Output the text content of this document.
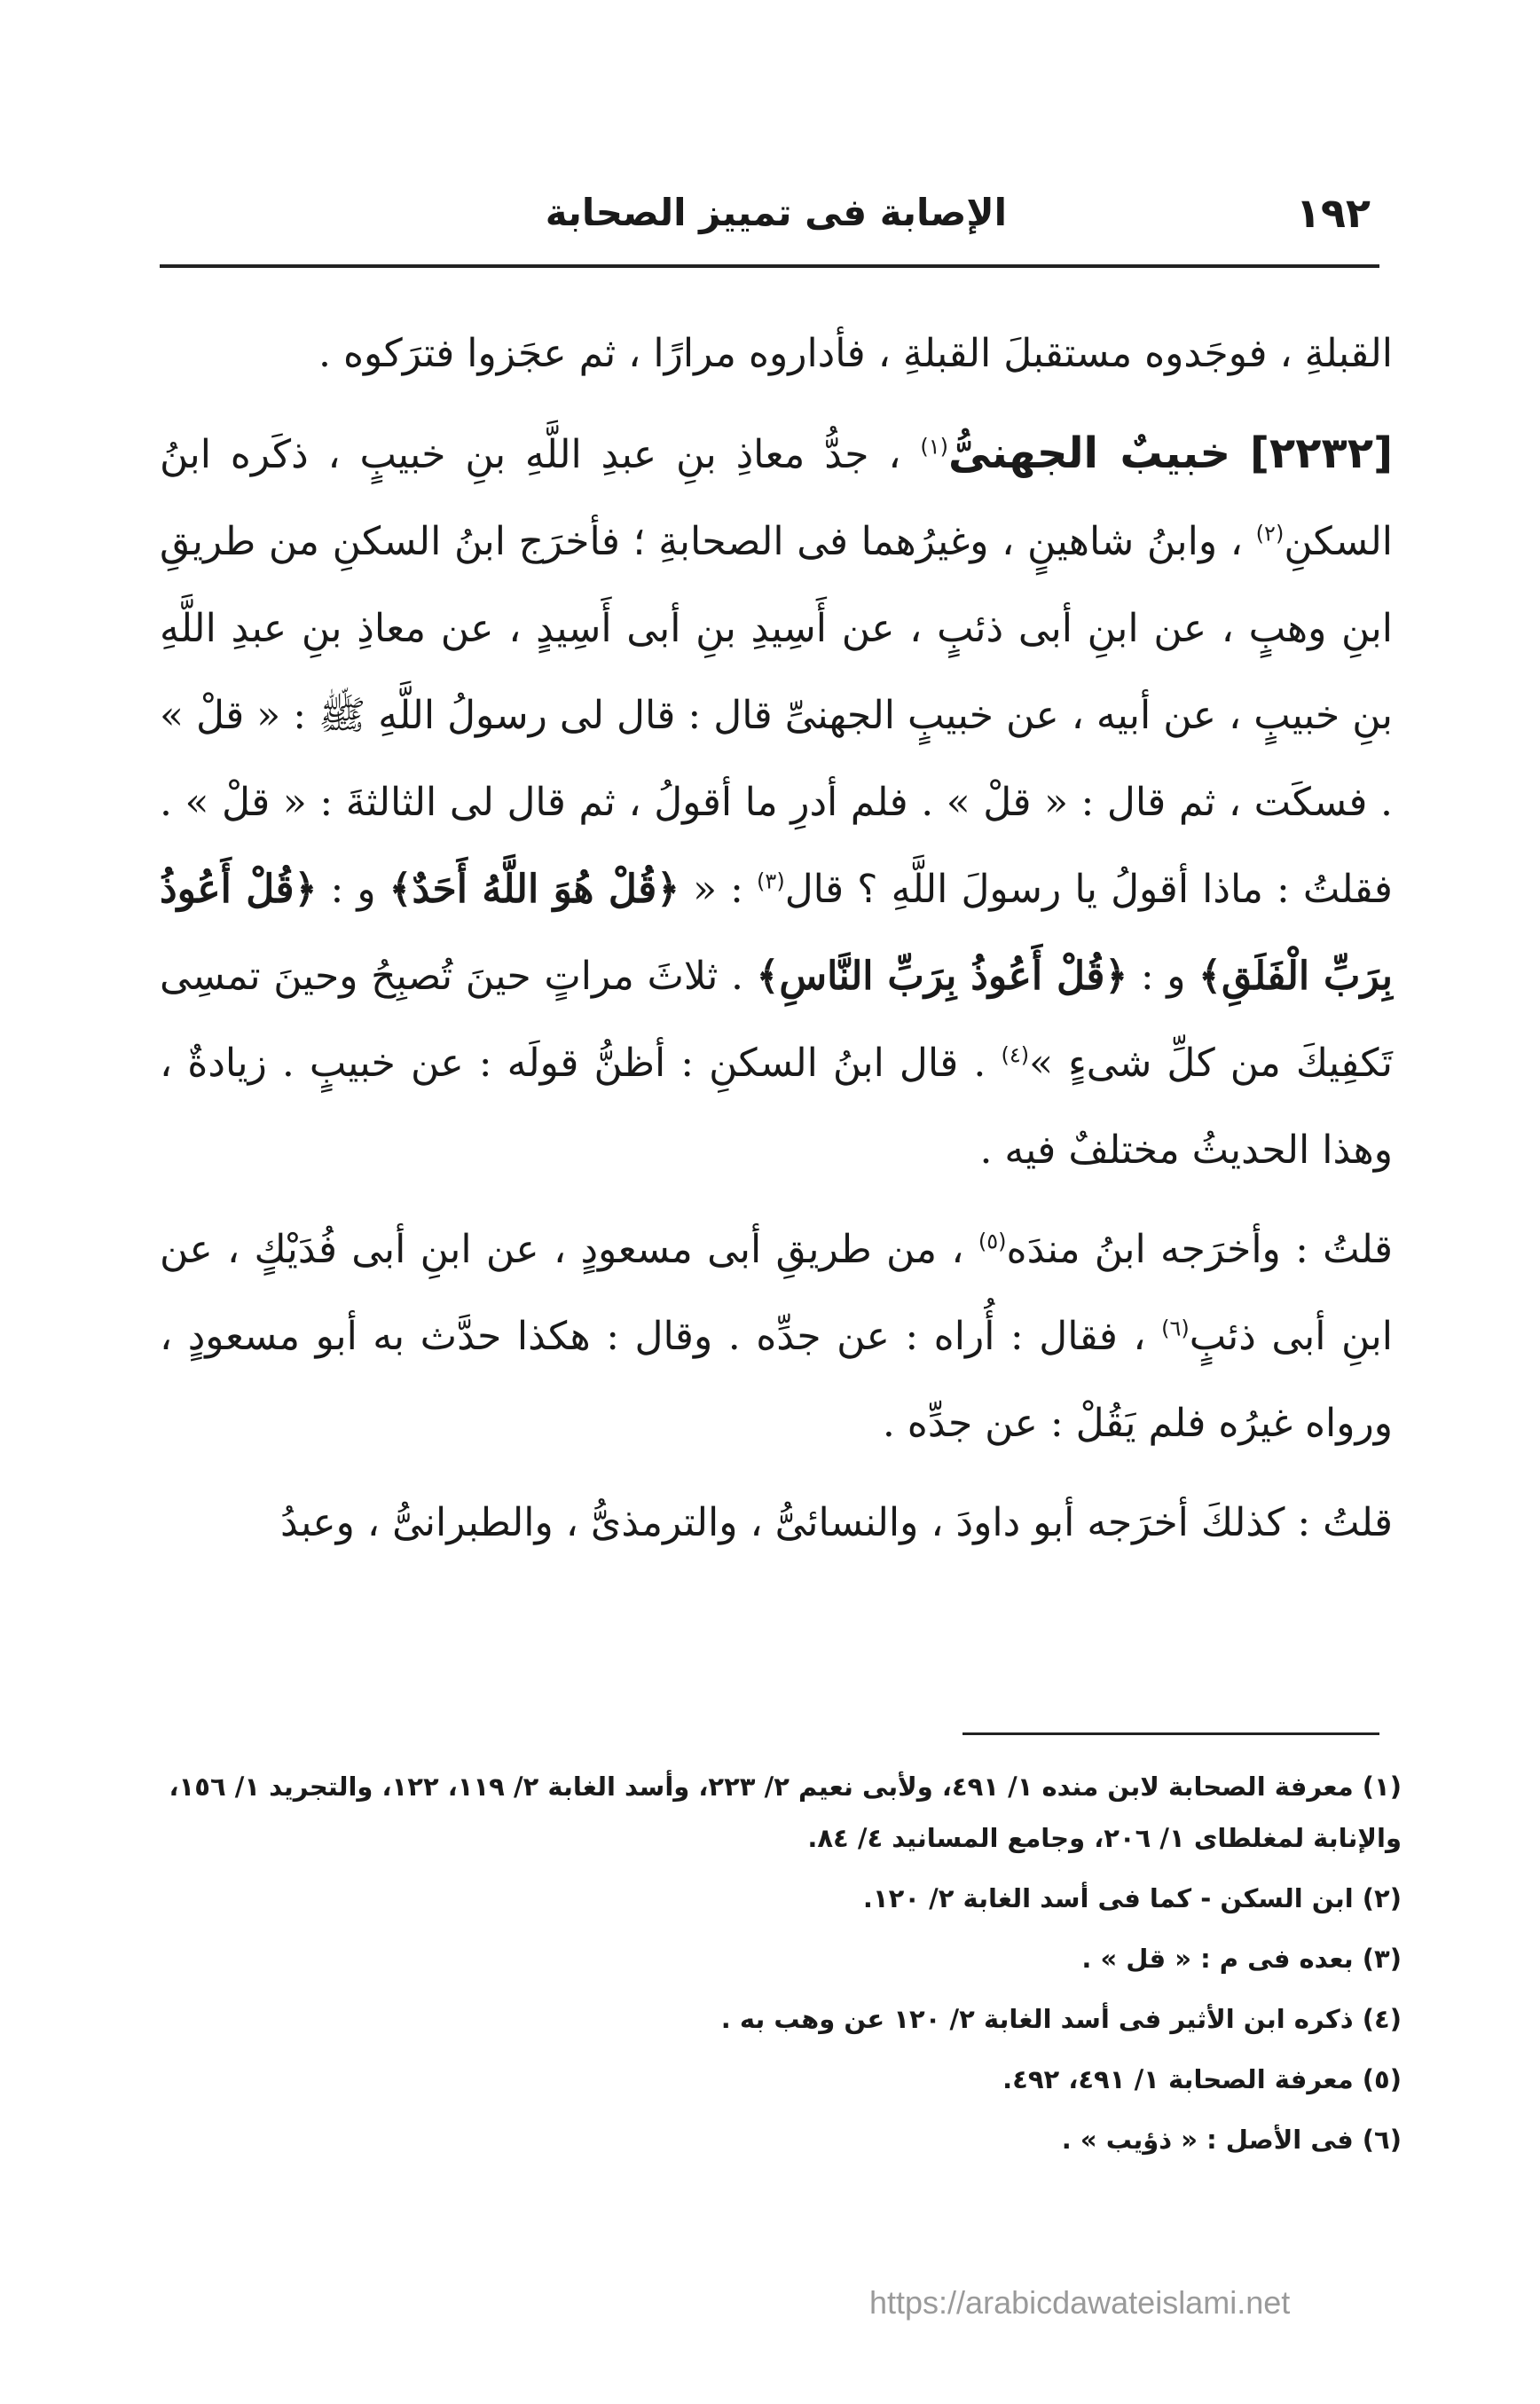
١٩٢
الإصابة فى تمييز الصحابة

القبلةِ ، فوجَدوه مستقبلَ القبلةِ ، فأداروه مرارًا ، ثم عجَزوا فترَكوه .

[٢٢٣٢] خبيبٌ الجهنىُّ$^{(١)}$ ، جدُّ معاذِ بنِ عبدِ اللَّهِ بنِ خبيبٍ ، ذكَره ابنُ السكنِ$^{(٢)}$ ، وابنُ شاهينٍ ، وغيرُهما فى الصحابةِ ؛ فأخرَج ابنُ السكنِ من طريقِ ابنِ وهبٍ ، عن ابنِ أبى ذئبٍ ، عن أَسِيدِ بنِ أبى أَسِيدٍ ، عن معاذِ بنِ عبدِ اللَّهِ بنِ خبيبٍ ، عن أبيه ، عن خبيبٍ الجهنىِّ قال : قال لى رسولُ اللَّهِ ﷺ : « قلْ » . فسكَت ، ثم قال : « قلْ » . فلم أدرِ ما أقولُ ، ثم قال لى الثالثةَ : « قلْ » . فقلتُ : ماذا أقولُ يا رسولَ اللَّهِ ؟ قال$^{(٣)}$ : « ﴿قُلْ هُوَ اللَّهُ أَحَدٌ﴾ و : ﴿قُلْ أَعُوذُ بِرَبِّ الْفَلَقِ﴾ و : ﴿قُلْ أَعُوذُ بِرَبِّ النَّاسِ﴾ . ثلاثَ مراتٍ حينَ تُصبِحُ وحينَ تمسِى تَكفِيكَ من كلِّ شىءٍ »$^{(٤)}$ . قال ابنُ السكنِ : أظنُّ قولَه : عن خبيبٍ . زيادةٌ ، وهذا الحديثُ مختلفٌ فيه .

قلتُ : وأخرَجه ابنُ مندَه$^{(٥)}$ ، من طريقِ أبى مسعودٍ ، عن ابنِ أبى فُدَيْكٍ ، عن ابنِ أبى ذئبٍ$^{(٦)}$ ، فقال : أُراه : عن جدِّه . وقال : هكذا حدَّث به أبو مسعودٍ ، ورواه غيرُه فلم يَقُلْ : عن جدِّه .

قلتُ : كذلكَ أخرَجه أبو داودَ ، والنسائىُّ ، والترمذىُّ ، والطبرانىُّ ، وعبدُ

(١) معرفة الصحابة لابن منده ١/ ٤٩١، ولأبى نعيم ٢/ ٢٢٣، وأسد الغابة ٢/ ١١٩، ١٢٢، والتجريد ١/ ١٥٦، والإنابة لمغلطاى ١/ ٢٠٦، وجامع المسانيد ٤/ ٨٤.

(٢) ابن السكن - كما فى أسد الغابة ٢/ ١٢٠.

(٣) بعده فى م : « قل » .

(٤) ذكره ابن الأثير فى أسد الغابة ٢/ ١٢٠ عن وهب به .

(٥) معرفة الصحابة ١/ ٤٩١، ٤٩٢.

(٦) فى الأصل : « ذؤيب » .

https://arabicdawateislami.net
